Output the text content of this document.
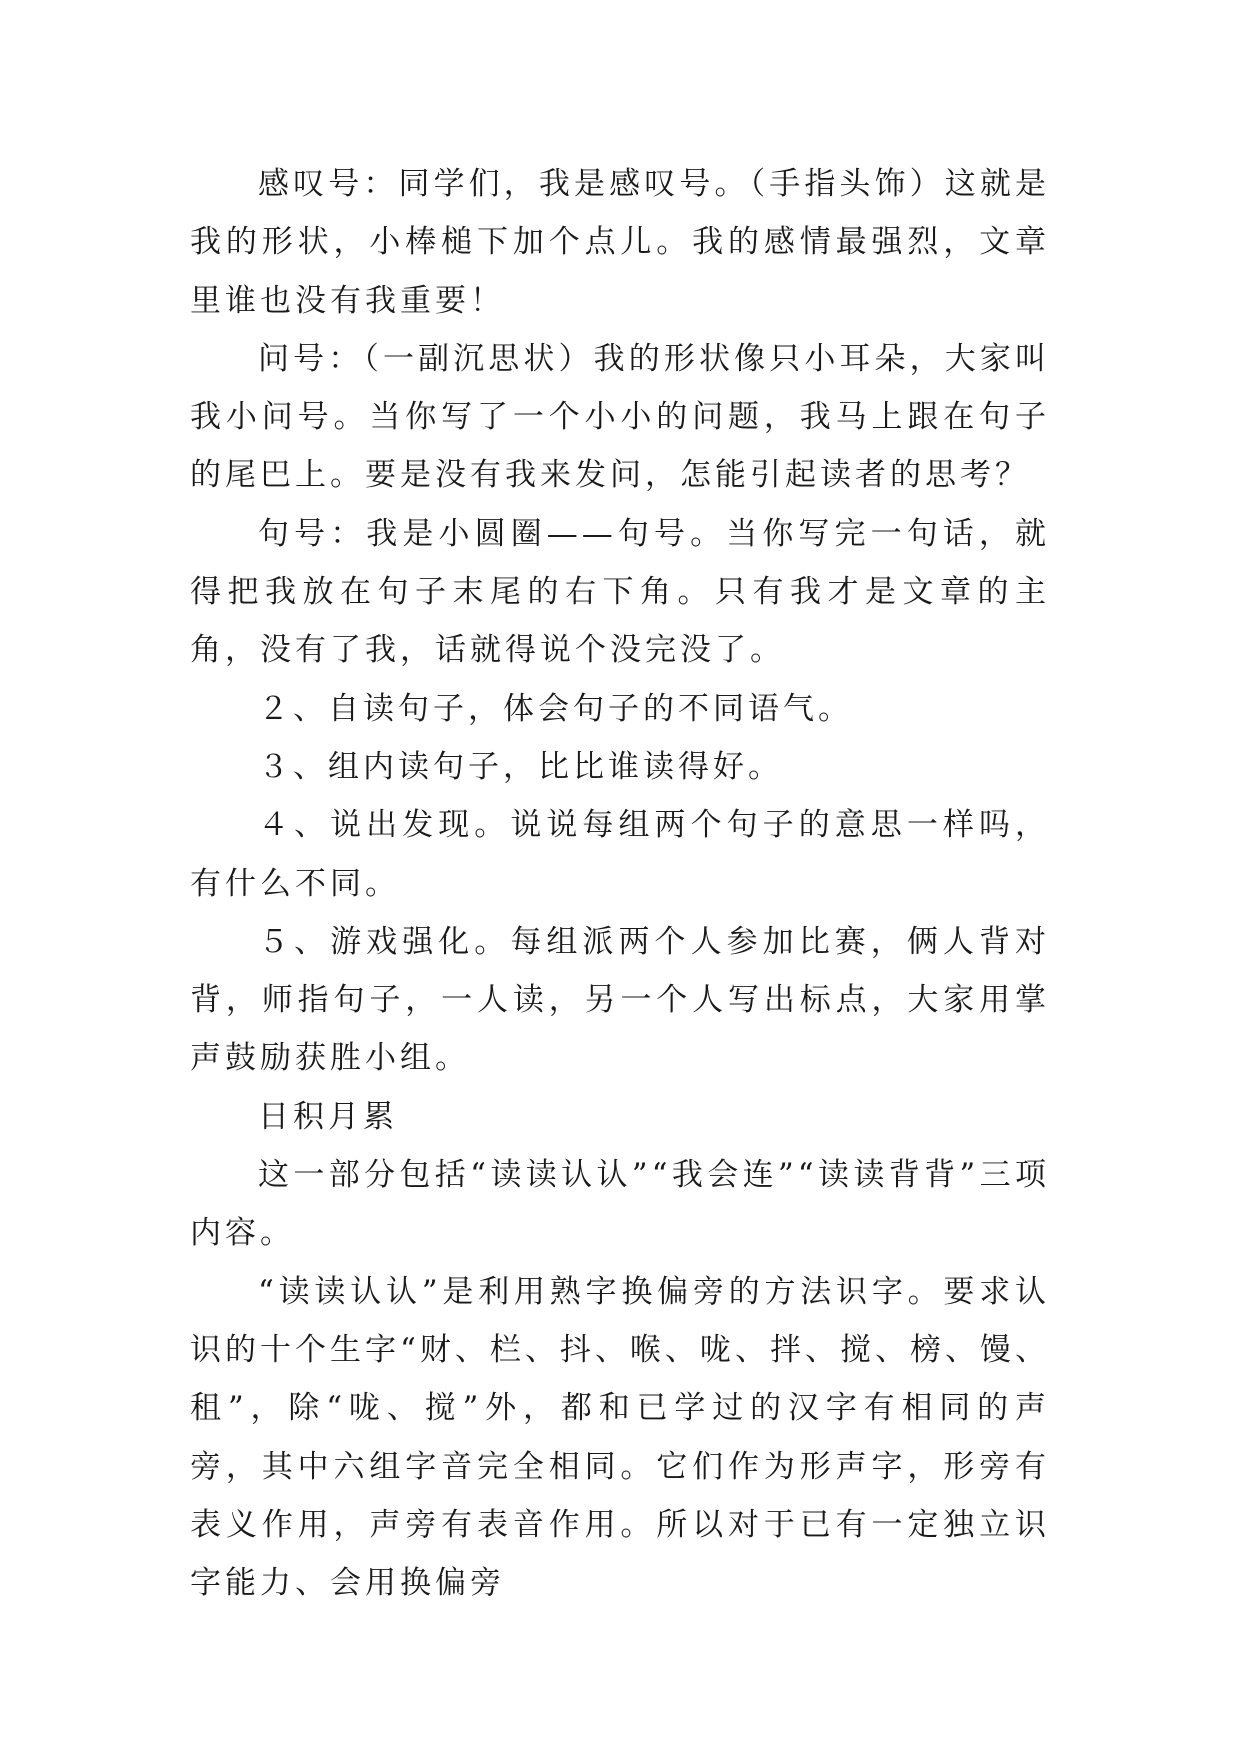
感叹号：同学们，我是感叹号。（手指头饰）这就是我的形状，小棒槌下加个点儿。我的感情最强烈，文章里谁也没有我重要！

问号：（一副沉思状）我的形状像只小耳朵，大家叫我小问号。当你写了一个小小的问题，我马上跟在句子的尾巴上。要是没有我来发问，怎能引起读者的思考？

句号：我是小圆圈——句号。当你写完一句话，就得把我放在句子末尾的右下角。只有我才是文章的主角，没有了我，话就得说个没完没了。

２、自读句子，体会句子的不同语气。

３、组内读句子，比比谁读得好。

４、说出发现。说说每组两个句子的意思一样吗，有什么不同。

５、游戏强化。每组派两个人参加比赛，俩人背对背，师指句子，一人读，另一个人写出标点，大家用掌声鼓励获胜小组。

日积月累

这一部分包括“读读认认”“我会连”“读读背背”三项内容。

“读读认认”是利用熟字换偏旁的方法识字。要求认识的十个生字“财、栏、抖、喉、咙、拌、搅、榜、馒、租”，除“咙、搅”外，都和已学过的汉字有相同的声旁，其中六组字音完全相同。它们作为形声字，形旁有表义作用，声旁有表音作用。所以对于已有一定独立识字能力、会用换偏旁
